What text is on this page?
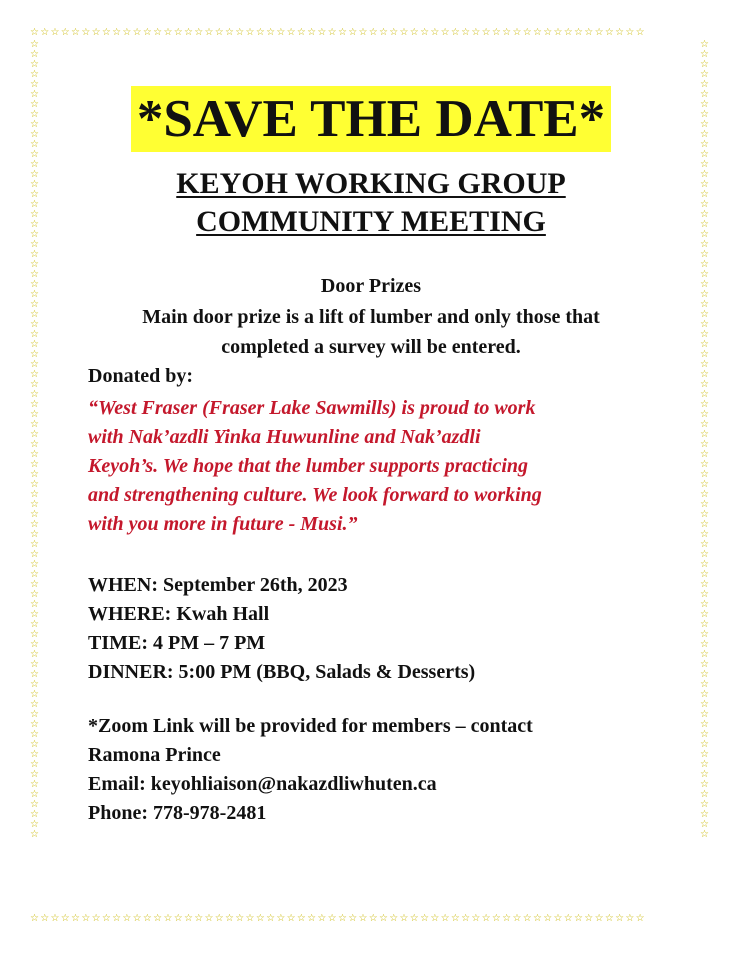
☆☆☆☆☆☆☆☆☆☆☆☆☆☆☆☆☆☆☆☆☆☆☆☆☆☆☆☆☆☆☆☆☆☆☆☆☆☆☆☆☆☆☆☆☆☆☆☆☆☆☆☆☆☆☆☆☆☆☆☆
☆☆☆☆☆☆☆☆☆☆☆☆☆☆☆☆☆☆☆☆☆☆☆☆☆☆☆☆☆☆☆☆☆☆☆☆☆☆☆☆☆☆☆☆☆☆☆☆☆☆☆☆☆☆☆☆☆☆☆☆
☆☆☆☆☆☆☆☆☆☆☆☆☆☆☆☆☆☆☆☆☆☆☆☆☆☆☆☆☆☆☆☆☆☆☆☆☆☆☆☆☆☆☆☆☆☆☆☆☆☆☆☆☆☆☆☆☆☆☆☆☆☆☆☆☆☆☆☆☆☆☆☆☆☆☆☆☆☆☆☆
☆☆☆☆☆☆☆☆☆☆☆☆☆☆☆☆☆☆☆☆☆☆☆☆☆☆☆☆☆☆☆☆☆☆☆☆☆☆☆☆☆☆☆☆☆☆☆☆☆☆☆☆☆☆☆☆☆☆☆☆☆☆☆☆☆☆☆☆☆☆☆☆☆☆☆☆☆☆☆☆
*SAVE THE DATE*
KEYOH WORKING GROUP
COMMUNITY MEETING
Door Prizes
Main door prize is a lift of lumber and only those that
completed a survey will be entered.
Donated by:
“West Fraser (Fraser Lake Sawmills) is proud to work
with Nak’azdli Yinka Huwunline and Nak’azdli
Keyoh’s. We hope that the lumber supports practicing
and strengthening culture. We look forward to working
with you more in future - Musi.”
WHEN: September 26th, 2023
WHERE: Kwah Hall
TIME: 4 PM – 7 PM
DINNER: 5:00 PM (BBQ, Salads & Desserts)
*Zoom Link will be provided for members – contact
Ramona Prince
Email: keyohliaison@nakazdliwhuten.ca
Phone: 778-978-2481
